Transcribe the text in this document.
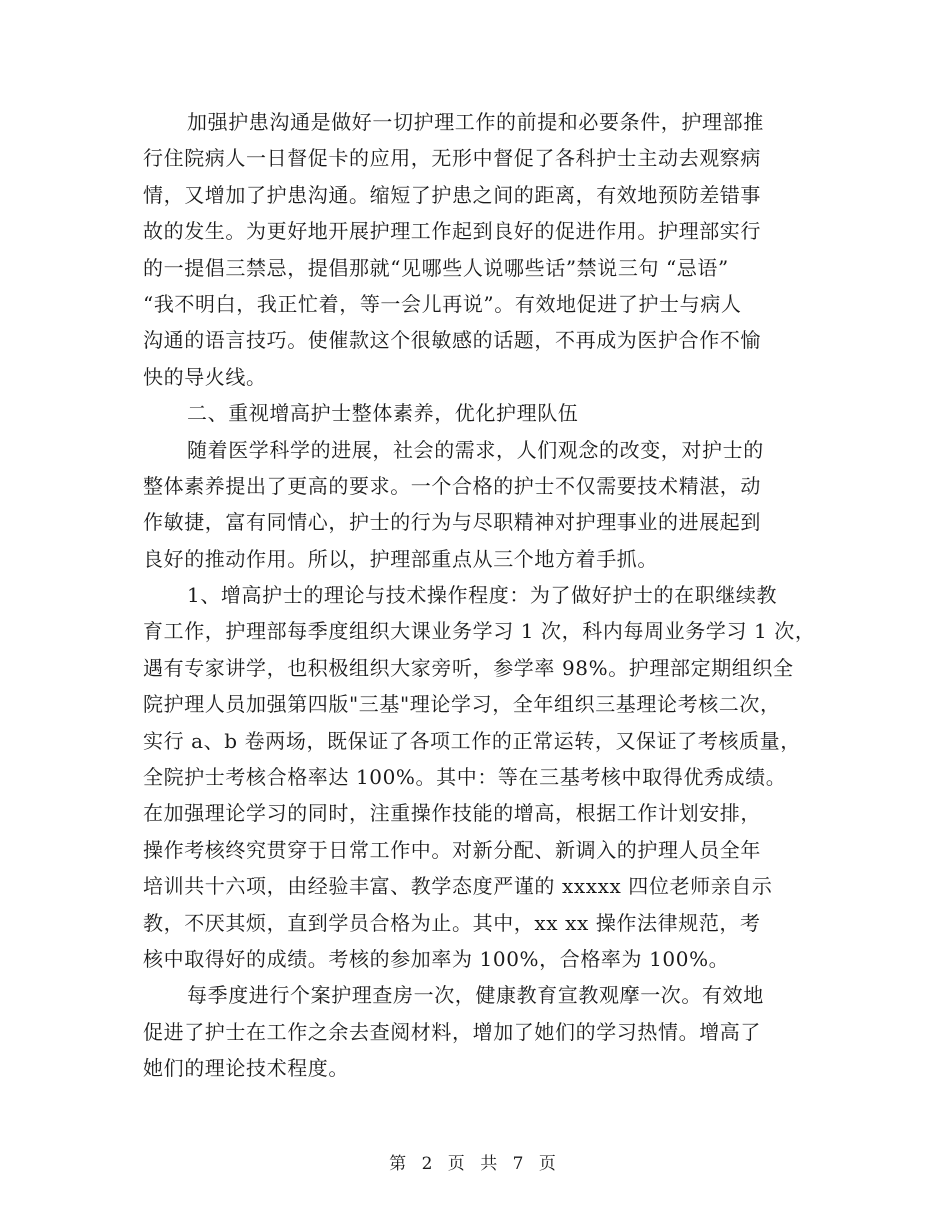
加强护患沟通是做好一切护理工作的前提和必要条件，护理部推
行住院病人一日督促卡的应用，无形中督促了各科护士主动去观察病
情，又增加了护患沟通。缩短了护患之间的距离，有效地预防差错事
故的发生。为更好地开展护理工作起到良好的促进作用。护理部实行
的一提倡三禁忌，提倡那就“见哪些人说哪些话”禁说三句 “忌语”
“我不明白，我正忙着，等一会儿再说”。有效地促进了护士与病人
沟通的语言技巧。使催款这个很敏感的话题，不再成为医护合作不愉
快的导火线。
二、重视增高护士整体素养，优化护理队伍
随着医学科学的进展，社会的需求，人们观念的改变，对护士的
整体素养提出了更高的要求。一个合格的护士不仅需要技术精湛，动
作敏捷，富有同情心，护士的行为与尽职精神对护理事业的进展起到
良好的推动作用。所以，护理部重点从三个地方着手抓。
1、增高护士的理论与技术操作程度：为了做好护士的在职继续教
育工作，护理部每季度组织大课业务学习 1 次，科内每周业务学习 1 次，
遇有专家讲学，也积极组织大家旁听，参学率 98%。护理部定期组织全
院护理人员加强第四版"三基"理论学习，全年组织三基理论考核二次，
实行 a、b 卷两场，既保证了各项工作的正常运转，又保证了考核质量，
全院护士考核合格率达 100%。其中：等在三基考核中取得优秀成绩。
在加强理论学习的同时，注重操作技能的增高，根据工作计划安排，
操作考核终究贯穿于日常工作中。对新分配、新调入的护理人员全年
培训共十六项，由经验丰富、教学态度严谨的 xxxxx 四位老师亲自示
教，不厌其烦，直到学员合格为止。其中，xx xx 操作法律规范，考
核中取得好的成绩。考核的参加率为 100%，合格率为 100%。
每季度进行个案护理查房一次，健康教育宣教观摩一次。有效地
促进了护士在工作之余去查阅材料，增加了她们的学习热情。增高了
她们的理论技术程度。
第 2 页 共 7 页
